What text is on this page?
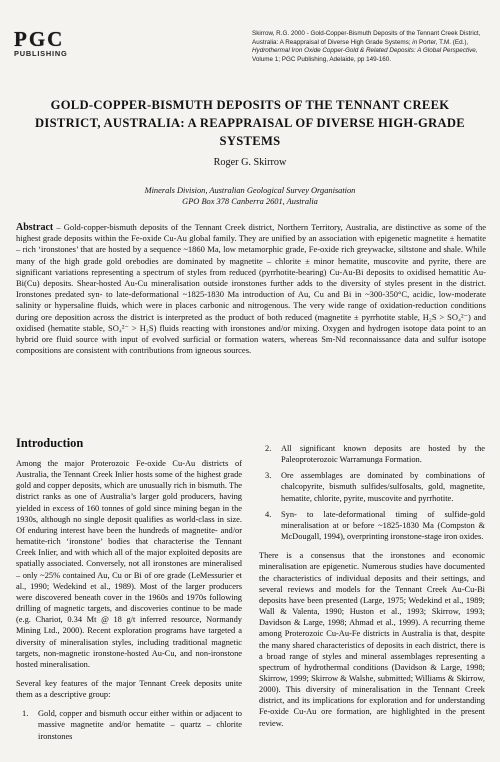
PGC
PUBLISHING
Skirrow, R.G. 2000 - Gold-Copper-Bismuth Deposits of the Tennant Creek District, Australia: A Reappraisal of Diverse High Grade Systems; in Porter, T.M. (Ed.), Hydrothermal Iron Oxide Copper-Gold & Related Deposits: A Global Perspective, Volume 1; PGC Publishing, Adelaide, pp 149-160.
GOLD-COPPER-BISMUTH DEPOSITS OF THE TENNANT CREEK DISTRICT, AUSTRALIA: A REAPPRAISAL OF DIVERSE HIGH-GRADE SYSTEMS
Roger G. Skirrow
Minerals Division, Australian Geological Survey Organisation
GPO Box 378 Canberra 2601, Australia
Abstract – Gold-copper-bismuth deposits of the Tennant Creek district, Northern Territory, Australia, are distinctive as some of the highest grade deposits within the Fe-oxide Cu-Au global family. They are unified by an association with epigenetic magnetite ± hematite – rich ‘ironstones’ that are hosted by a sequence ~1860 Ma, low metamorphic grade, Fe-oxide rich greywacke, siltstone and shale. While many of the high grade gold orebodies are dominated by magnetite – chlorite ± minor hematite, muscovite and pyrite, there are significant variations representing a spectrum of styles from reduced (pyrrhotite-bearing) Cu-Au-Bi deposits to oxidised hematitic Au-Bi(Cu) deposits. Shear-hosted Au-Cu mineralisation outside ironstones further adds to the diversity of styles present in the district. Ironstones predated syn- to late-deformational ~1825-1830 Ma introduction of Au, Cu and Bi in ~300-350°C, acidic, low-moderate salinity or hypersaline fluids, which were in places carbonic and nitrogenous. The very wide range of oxidation-reduction conditions during ore deposition across the district is interpreted as the product of both reduced (magnetite ± pyrrhotite stable, H₂S > SO₄²⁻) and oxidised (hematite stable, SO₄²⁻ > H₂S) fluids reacting with ironstones and/or mixing. Oxygen and hydrogen isotope data point to an hybrid ore fluid source with input of evolved surficial or formation waters, whereas Sm-Nd reconnaissance data and sulfur isotope compositions are consistent with contributions from igneous sources.
Introduction

Among the major Proterozoic Fe-oxide Cu-Au districts of Australia, the Tennant Creek Inlier hosts some of the highest grade gold and copper deposits, which are unusually rich in bismuth. The district ranks as one of Australia’s larger gold producers, having yielded in excess of 160 tonnes of gold since mining began in the 1930s, although no single deposit qualifies as world-class in size. Of enduring interest have been the hundreds of magnetite- and/or hematite-rich ‘ironstone’ bodies that characterise the Tennant Creek Inlier, and with which all of the major exploited deposits are spatially associated. Conversely, not all ironstones are mineralised – only ~25% contained Au, Cu or Bi of ore grade (LeMessurier et al., 1990; Wedekind et al., 1989). Most of the larger producers were discovered beneath cover in the 1960s and 1970s following drilling of magnetic targets, and discoveries continue to be made (e.g. Chariot, 0.34 Mt @ 18 g/t inferred resource, Normandy Mining Ltd., 2000). Recent exploration programs have targeted a diversity of mineralisation styles, including traditional magnetic targets, non-magnetic ironstone-hosted Au-Cu, and non-ironstone hosted mineralisation.

Several key features of the major Tennant Creek deposits unite them as a descriptive group:

1. Gold, copper and bismuth occur either within or adjacent to massive magnetite and/or hematite – quartz – chlorite ironstones
2. All significant known deposits are hosted by the Paleoproterozoic Warramunga Formation.
3. Ore assemblages are dominated by combinations of chalcopyrite, bismuth sulfides/sulfosalts, gold, magnetite, hematite, chlorite, pyrite, muscovite and pyrrhotite.
4. Syn- to late-deformational timing of sulfide-gold mineralisation at or before ~1825-1830 Ma (Compston & McDougall, 1994), overprinting ironstone-stage iron oxides.

There is a consensus that the ironstones and economic mineralisation are epigenetic. Numerous studies have documented the characteristics of individual deposits and their settings, and several reviews and models for the Tennant Creek Au-Cu-Bi deposits have been presented (Large, 1975; Wedekind et al., 1989; Wall & Valenta, 1990; Huston et al., 1993; Skirrow, 1993; Davidson & Large, 1998; Ahmad et al., 1999). A recurring theme among Proterozoic Cu-Au-Fe districts in Australia is that, despite the many shared characteristics of deposits in each district, there is a broad range of styles and mineral assemblages representing a spectrum of hydrothermal conditions (Davidson & Large, 1998; Skirrow, 1999; Skirrow & Walshe, submitted; Williams & Skirrow, 2000). This diversity of mineralisation in the Tennant Creek district, and its implications for exploration and for understanding Fe-oxide Cu-Au ore formation, are highlighted in the present review.
